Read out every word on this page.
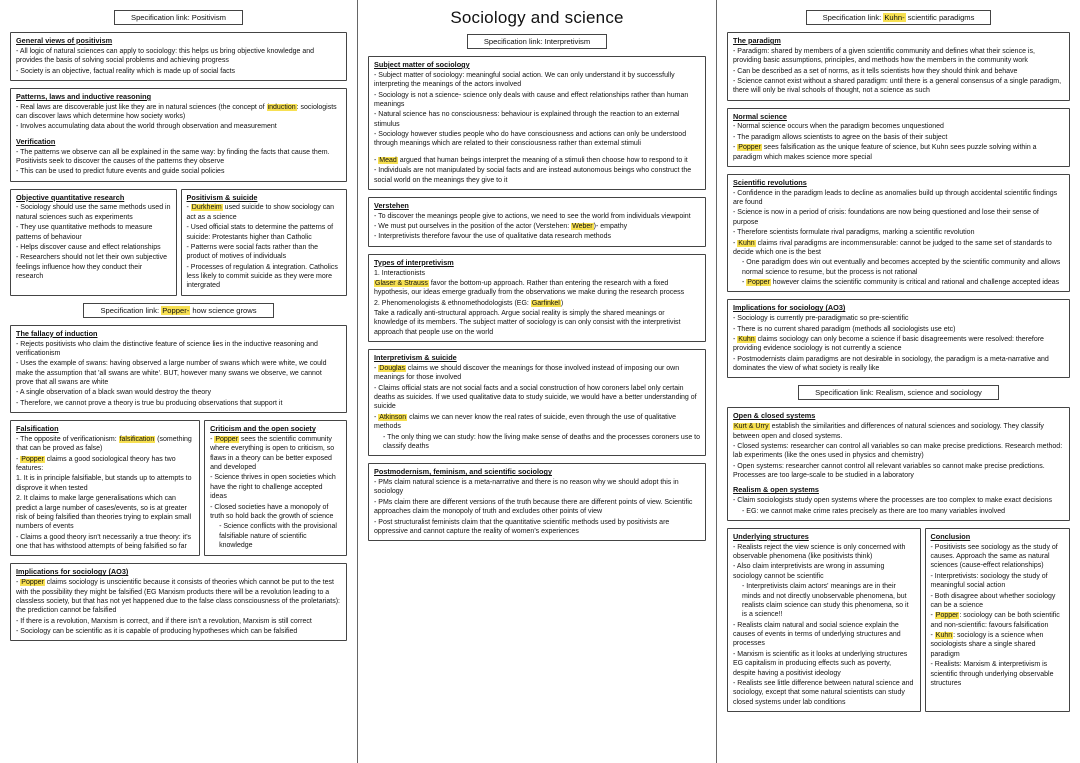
Specification link: Positivism
General views of positivism
- All logic of natural sciences can apply to sociology: this helps us bring objective knowledge and provides the basis of solving social problems and achieving progress
- Society is an objective, factual reality which is made up of social facts
Patterns, laws and inductive reasoning
- Real laws are discoverable just like they are in natural sciences (the concept of induction: sociologists can discover laws which determine how society works)
- Involves accumulating data about the world through observation and measurement
Verification
- The patterns we observe can all be explained in the same way: by finding the facts that cause them. Positivists seek to discover the causes of the patterns they observe
- This can be used to predict future events and guide social policies
Objective quantitative research
- Sociology should use the same methods used in natural sciences such as experiments
- They use quantitative methods to measure patterns of behaviour
- Helps discover cause and effect relationships
- Researchers should not let their own subjective feelings influence how they conduct their research
Positivism & suicide
- Durkheim used suicide to show sociology can act as a science
- Used official stats to determine the patterns of suicide: Protestants higher than Catholic
- Patterns were social facts rather than the product of motives of individuals
- Processes of regulation & integration. Catholics less likely to commit suicide as they were more intergrated
Specification link: Popper- how science grows
The fallacy of induction
- Rejects positivists who claim the distinctive feature of science lies in the inductive reasoning and verificationism
- Uses the example of swans: having observed a large number of swans which were white, we could make the assumption that 'all swans are white'. BUT, however many swans we observe, we cannot prove that all swans are white
- A single observation of a black swan would destroy the theory
- Therefore, we cannot prove a theory is true bu producing observations that support it
Falsification
- The opposite of verificationism: falsification (something that can be proved as false)
- Popper claims a good sociological theory has two features:
1. It is in principle falsifiable, but stands up to attempts to disprove it when tested
2. It claims to make large generalisations which can predict a large number of cases/events, so is at greater risk of being falsified than theories trying to explain small numbers of events
- Claims a good theory isn't necessarily a true theory: it's one that has withstood attempts of being falsified so far
Criticism and the open society
- Popper sees the scientific community where everything is open to criticism, so flaws in a theory can be better exposed and developed
- Science thrives in open societies which have the right to challenge accepted ideas
- Closed societies have a monopoly of truth so hold back the growth of science
- Science conflicts with the provisional falsifiable nature of scientific knowledge
Implications for sociology (AO3)
- Popper claims sociology is unscientific because it consists of theories which cannot be put to the test with the possibility they might be falsified (EG Marxism products there will be a revolution leading to a classless society, but that has not yet happened due to the false class consciousness of the proletariats): the prediction cannot be falsified
- If there is a revolution, Marxism is correct, and if there isn't a revolution, Marxism is still correct
- Sociology can be scientific as it is capable of producing hypotheses which can be falsified
Sociology and science
Specification link: Interpretivism
Subject matter of sociology
- Subject matter of sociology: meaningful social action. We can only understand it by successfully interpreting the meanings of the actors involved
- Sociology is not a science- science only deals with cause and effect relationships rather than human meanings
- Natural science has no consciousness: behaviour is explained through the reaction to an external stimulus
- Sociology however studies people who do have consciousness and actions can only be understood through meanings which are related to their consciousness rather than external stimuli
- Mead argued that human beings interpret the meaning of a stimuli then choose how to respond to it
- Individuals are not manipulated by social facts and are instead autonomous beings who construct the social world on the meanings they give to it
Verstehen
- To discover the meanings people give to actions, we need to see the world from individuals viewpoint
- We must put ourselves in the position of the actor (Verstehen: Weber)- empathy
- Interpretivists therefore favour the use of qualitative data research methods
Types of interpretivism
1. Interactionists
Glaser & Strauss favor the bottom-up approach. Rather than entering the research with a fixed hypothesis, our ideas emerge gradually from the observations we make during the research process
2. Phenomenologists & ethnomethodologists (EG: Garfinkel)
Take a radically anti-structural approach. Argue social reality is simply the shared meanings or knowledge of its members. The subject matter of sociology is can only consist with the interpretivist approach that people use on the world
Interpretivism & suicide
- Douglas claims we should discover the meanings for those involved instead of imposing our own meanings for those involved
- Claims official stats are not social facts and a social construction of how coroners label only certain deaths as suicides. If we used qualitative data to study suicide, we would have a better understanding of suicide
- Atkinson claims we can never know the real rates of suicide, even through the use of qualitative methods
- The only thing we can study: how the living make sense of deaths and the processes coroners use to classify deaths
Postmodernism, feminism, and scientific sociology
- PMs claim natural science is a meta-narrative and there is no reason why we should adopt this in sociology
- PMs claim there are different versions of the truth because there are different points of view. Scientific approaches claim the monopoly of truth and excludes other points of view
- Post structuralist feminists claim that the quantitative scientific methods used by positivists are oppressive and cannot capture the reality of women's experiences
Specification link: Kuhn- scientific paradigms
The paradigm
- Paradigm: shared by members of a given scientific community and defines what their science is, providing basic assumptions, principles, and methods how the members in the community work
- Can be described as a set of norms, as it tells scientists how they should think and behave
- Science cannot exist without a shared paradigm: until there is a general consensus of a single paradigm, there will only be rival schools of thought, not a science as such
Normal science
- Normal science occurs when the paradigm becomes unquestioned
- The paradigm allows scientists to agree on the basis of their subject
- Popper sees falsification as the unique feature of science, but Kuhn sees puzzle solving within a paradigm which makes science more special
Scientific revolutions
- Confidence in the paradigm leads to decline as anomalies build up through accidental scientific findings are found
- Science is now in a period of crisis: foundations are now being questioned and lose their sense of purpose
- Therefore scientists formulate rival paradigms, marking a scientific revolution
- Kuhn claims rival paradigms are incommensurable: cannot be judged to the same set of standards to decide which one is the best
- One paradigm does win out eventually and becomes accepted by the scientific community and allows normal science to resume, but the process is not rational
- Popper however claims the scientific community is critical and rational and challenge accepted ideas
Implications for sociology (AO3)
- Sociology is currently pre-paradigmatic so pre-scientific
- There is no current shared paradigm (methods all sociologists use etc)
- Kuhn claims sociology can only become a science if basic disagreements were resolved: therefore providing evidence sociology is not currently a science
- Postmodernists claim paradigms are not desirable in sociology, the paradigm is a meta-narrative and dominates the view of what society is really like
Specification link: Realism, science and sociology
Open & closed systems
Kurt & Urry establish the similarities and differences of natural sciences and sociology. They classify between open and closed systems.
- Closed systems: researcher can control all variables so can make precise predictions. Research method: lab experiments (like the ones used in physics and chemistry)
- Open systems: researcher cannot control all relevant variables so cannot make precise predictions. Processes are too large-scale to be studied in a laboratory
Realism & open systems
- Claim sociologists study open systems where the processes are too complex to make exact decisions
- EG: we cannot make crime rates precisely as there are too many variables involved
Underlying structures
- Realists reject the view science is only concerned with observable phenomena (like positivists think)
- Also claim interpretivists are wrong in assuming sociology cannot be scientific
- Interpretivists claim actors' meanings are in their minds and not directly unobservable phenomena, but realists claim science can study this phenomena, so it is a science!!
- Realists claim natural and social science explain the causes of events in terms of underlying structures and processes
- Marxism is scientific as it looks at underlying structures EG capitalism in producing effects such as poverty, despite having a positivist ideology
- Realists see little difference between natural science and sociology, except that some natural scientists can study closed systems under lab conditions
Conclusion
- Positivists see sociology as the study of causes. Approach the same as natural sciences (cause-effect relationships)
- Interpretivists: sociology the study of meaningful social action
- Both disagree about whether sociology can be a science
- Popper: sociology can be both scientific and non-scientific: favours falsification
- Kuhn: sociology is a science when sociologists share a single shared paradigm
- Realists: Marxism & interpretivism is scientific through underlying observable structures
